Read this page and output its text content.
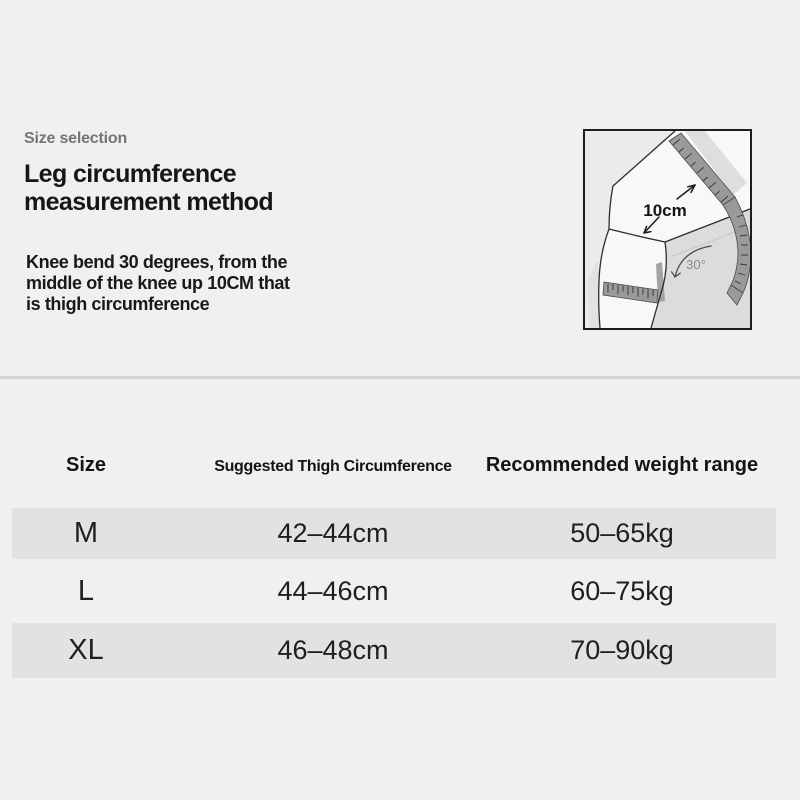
Size selection
Leg circumference
measurement method
Knee bend 30 degrees, from the
middle of the knee up 10CM that
is thigh circumference
10cm
30°
Size	Suggested Thigh Circumference	Recommended weight range
M	42–44cm	50–65kg
L	44–46cm	60–75kg
XL	46–48cm	70–90kg
